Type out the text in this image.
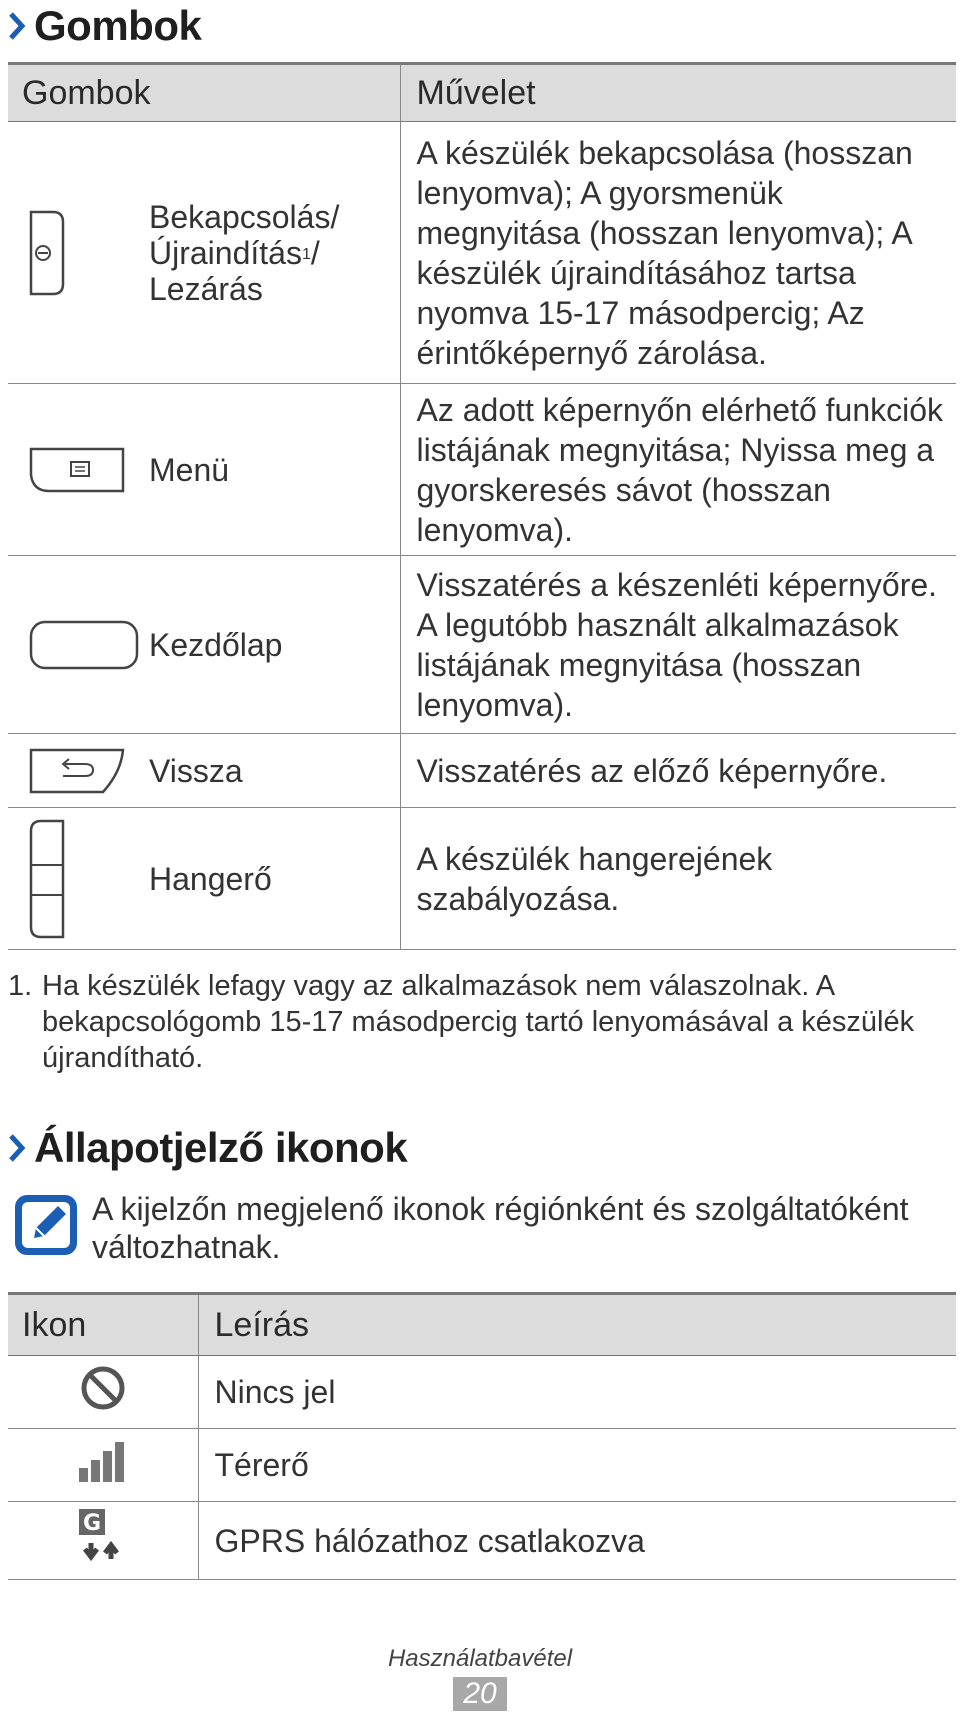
Gombok
Gombok	Művelet

Bekapcsolás/
Újraindítás$^1$/
Lezárás	A készülék bekapcsolása (hosszan lenyomva); A gyorsmenük megnyitása (hosszan lenyomva); A készülék újraindításához tartsa nyomva 15-17 másodpercig; Az érintőképernyő zárolása.

Menü	Az adott képernyőn elérhető funkciók listájának megnyitása; Nyissa meg a gyorskeresés sávot (hosszan lenyomva).

Kezdőlap	Visszatérés a készenléti képernyőre. A legutóbb használt alkalmazások listájának megnyitása (hosszan lenyomva).

Vissza	Visszatérés az előző képernyőre.

Hangerő	A készülék hangerejének szabályozása.
1. Ha készülék lefagy vagy az alkalmazások nem válaszolnak. A bekapcsológomb 15-17 másodpercig tartó lenyomásával a készülék újrandítható.
Állapotjelző ikonok
A kijelzőn megjelenő ikonok régiónként és szolgáltatóként változhatnak.
Ikon	Leírás
	Nincs jel
	Térerő

G	GPRS hálózathoz csatlakozva
Használatbavétel
20
